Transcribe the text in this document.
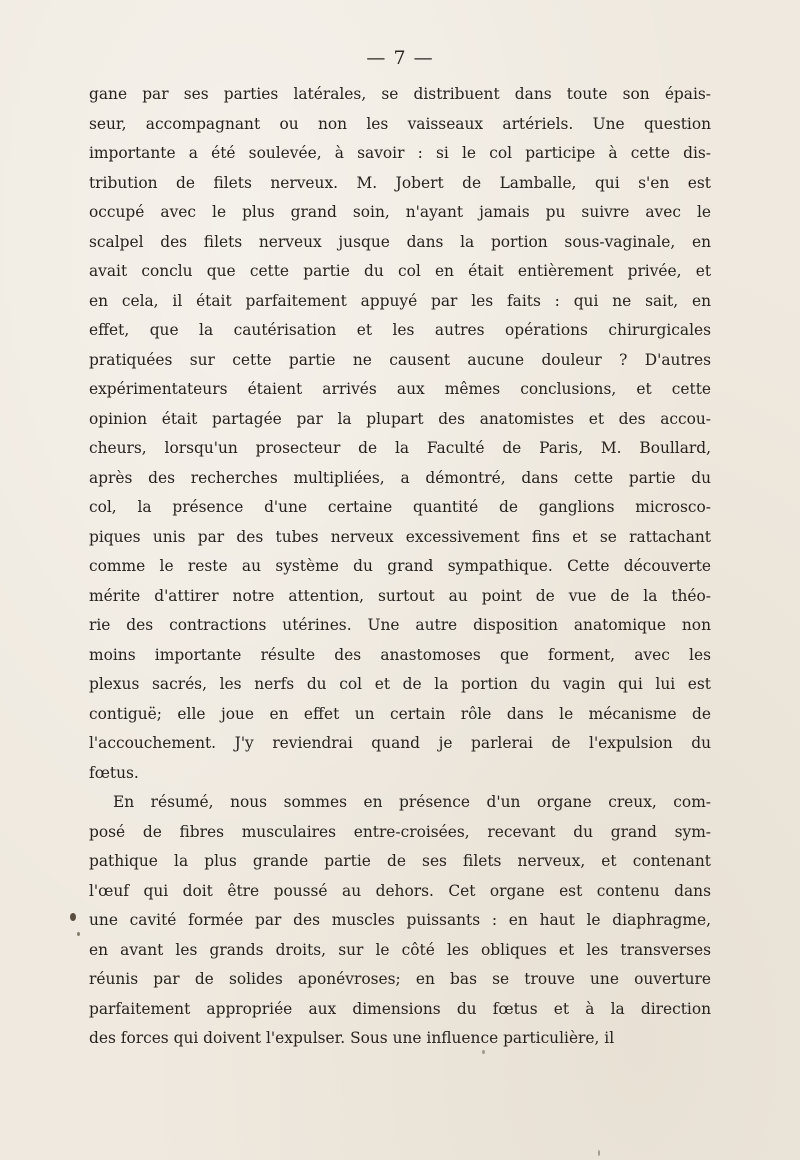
— 7 —
gane par ses parties latérales, se distribuent dans toute son épais-
seur, accompagnant ou non les vaisseaux artériels. Une question
importante a été soulevée, à savoir : si le col participe à cette dis-
tribution de filets nerveux. M. Jobert de Lamballe, qui s'en est
occupé avec le plus grand soin, n'ayant jamais pu suivre avec le
scalpel des filets nerveux jusque dans la portion sous-vaginale, en
avait conclu que cette partie du col en était entièrement privée, et
en cela, il était parfaitement appuyé par les faits : qui ne sait, en
effet, que la cautérisation et les autres opérations chirurgicales
pratiquées sur cette partie ne causent aucune douleur ? D'autres
expérimentateurs étaient arrivés aux mêmes conclusions, et cette
opinion était partagée par la plupart des anatomistes et des accou-
cheurs, lorsqu'un prosecteur de la Faculté de Paris, M. Boullard,
après des recherches multipliées, a démontré, dans cette partie du
col, la présence d'une certaine quantité de ganglions microsco-
piques unis par des tubes nerveux excessivement fins et se rattachant
comme le reste au système du grand sympathique. Cette découverte
mérite d'attirer notre attention, surtout au point de vue de la théo-
rie des contractions utérines. Une autre disposition anatomique non
moins importante résulte des anastomoses que forment, avec les
plexus sacrés, les nerfs du col et de la portion du vagin qui lui est
contiguë; elle joue en effet un certain rôle dans le mécanisme de
l'accouchement. J'y reviendrai quand je parlerai de l'expulsion du
fœtus.
En résumé, nous sommes en présence d'un organe creux, com-
posé de fibres musculaires entre-croisées, recevant du grand sym-
pathique la plus grande partie de ses filets nerveux, et contenant
l'œuf qui doit être poussé au dehors. Cet organe est contenu dans
une cavité formée par des muscles puissants : en haut le diaphragme,
en avant les grands droits, sur le côté les obliques et les transverses
réunis par de solides aponévroses; en bas se trouve une ouverture
parfaitement appropriée aux dimensions du fœtus et à la direction
des forces qui doivent l'expulser. Sous une influence particulière, il
